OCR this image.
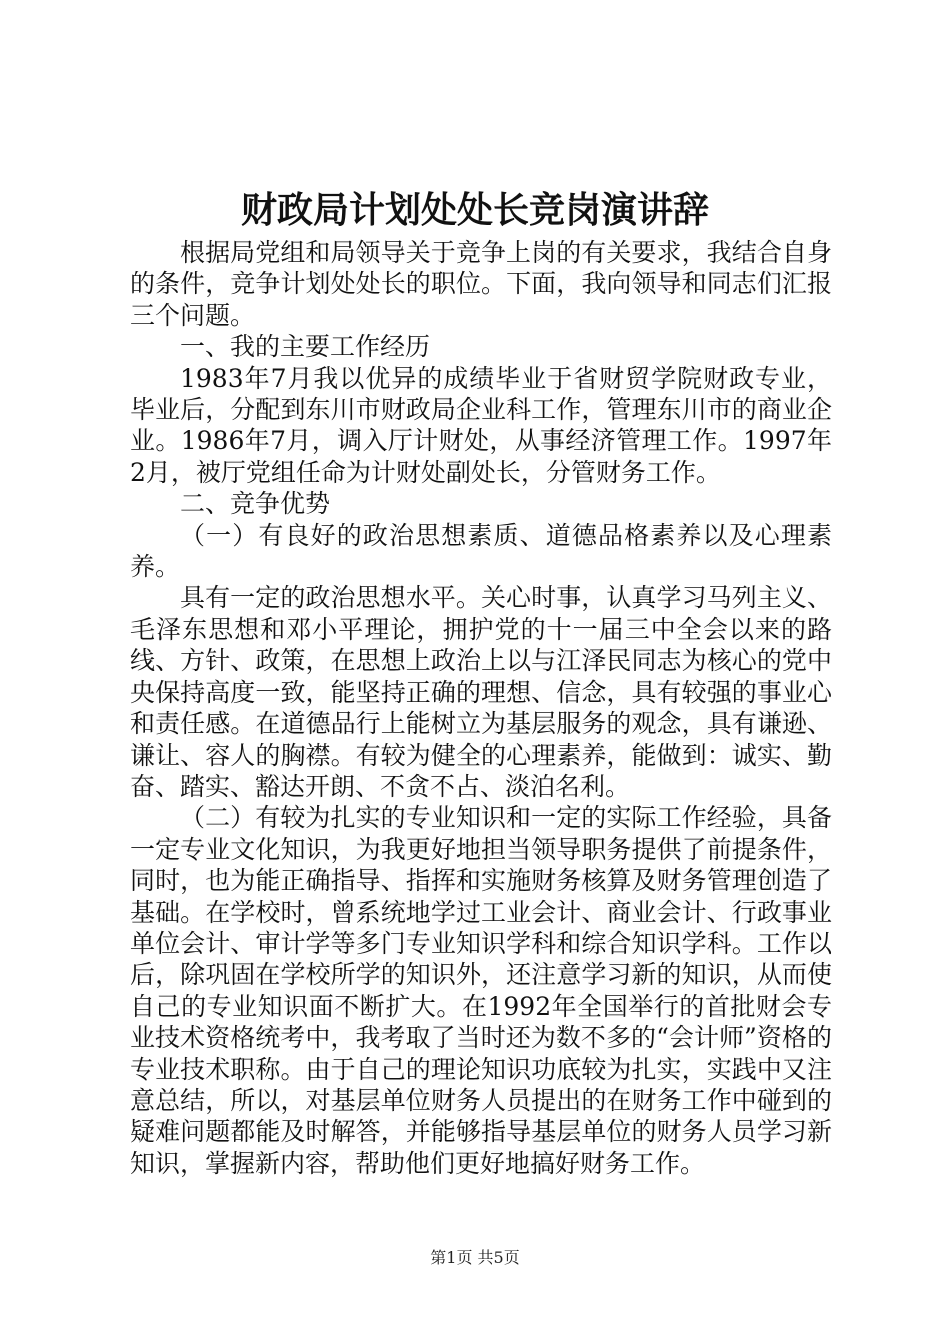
财政局计划处处长竞岗演讲辞

根据局党组和局领导关于竞争上岗的有关要求，我结合自身的条件，竞争计划处处长的职位。下面，我向领导和同志们汇报三个问题。

一、我的主要工作经历

1983年7月我以优异的成绩毕业于省财贸学院财政专业，毕业后，分配到东川市财政局企业科工作，管理东川市的商业企业。1986年7月，调入厅计财处，从事经济管理工作。1997年2月，被厅党组任命为计财处副处长，分管财务工作。

二、竞争优势

（一）有良好的政治思想素质、道德品格素养以及心理素养。

具有一定的政治思想水平。关心时事，认真学习马列主义、毛泽东思想和邓小平理论，拥护党的十一届三中全会以来的路线、方针、政策，在思想上政治上以与江泽民同志为核心的党中央保持高度一致，能坚持正确的理想、信念，具有较强的事业心和责任感。在道德品行上能树立为基层服务的观念，具有谦逊、谦让、容人的胸襟。有较为健全的心理素养，能做到：诚实、勤奋、踏实、豁达开朗、不贪不占、淡泊名利。

（二）有较为扎实的专业知识和一定的实际工作经验，具备一定专业文化知识，为我更好地担当领导职务提供了前提条件，同时，也为能正确指导、指挥和实施财务核算及财务管理创造了基础。在学校时，曾系统地学过工业会计、商业会计、行政事业单位会计、审计学等多门专业知识学科和综合知识学科。工作以后，除巩固在学校所学的知识外，还注意学习新的知识，从而使自己的专业知识面不断扩大。在1992年全国举行的首批财会专业技术资格统考中，我考取了当时还为数不多的“会计师”资格的专业技术职称。由于自己的理论知识功底较为扎实，实践中又注意总结，所以，对基层单位财务人员提出的在财务工作中碰到的疑难问题都能及时解答，并能够指导基层单位的财务人员学习新知识，掌握新内容，帮助他们更好地搞好财务工作。

第1页 共5页
